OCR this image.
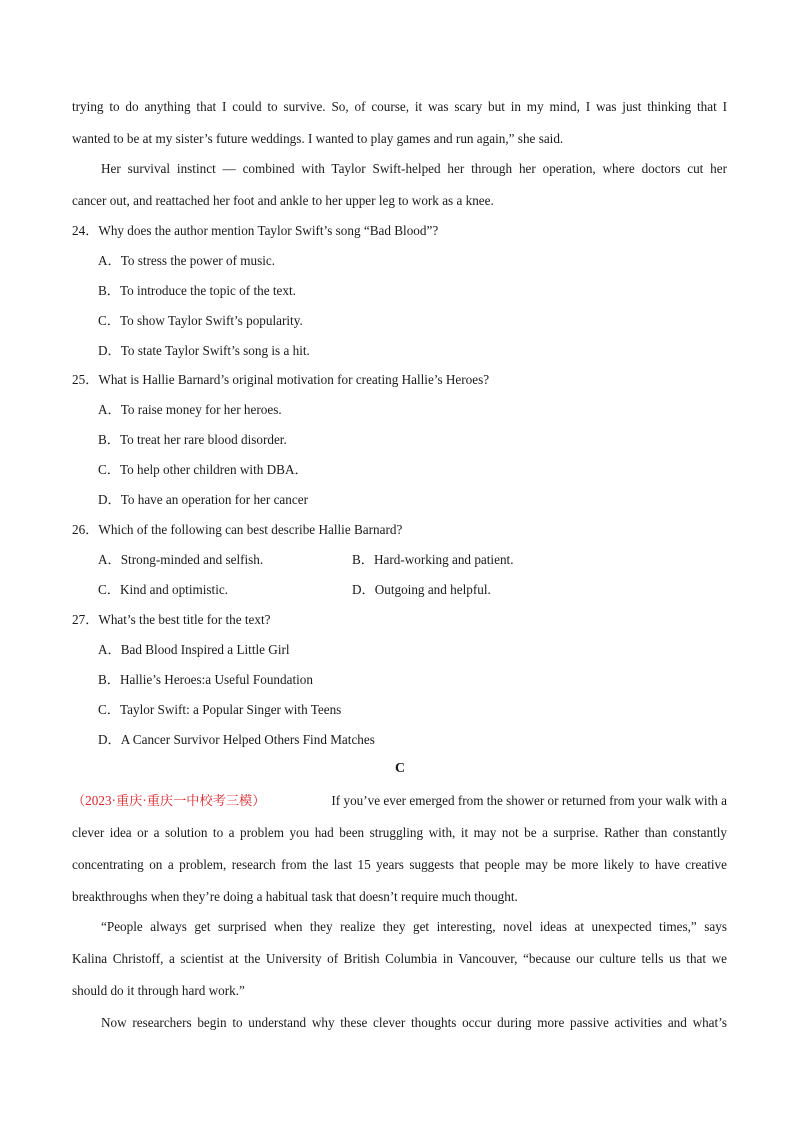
trying to do anything that I could to survive. So, of course, it was scary but in my mind, I was just thinking that I
wanted to be at my sister’s future weddings. I wanted to play games and run again,” she said.
Her survival instinct — combined with Taylor Swift-helped her through her operation, where doctors cut her
cancer out, and reattached her foot and ankle to her upper leg to work as a knee.
24．Why does the author mention Taylor Swift’s song “Bad Blood”?
A．To stress the power of music.
B．To introduce the topic of the text.
C．To show Taylor Swift’s popularity.
D．To state Taylor Swift’s song is a hit.
25．What is Hallie Barnard’s original motivation for creating Hallie’s Heroes?
A．To raise money for her heroes.
B．To treat her rare blood disorder.
C．To help other children with DBA．
D．To have an operation for her cancer
26．Which of the following can best describe Hallie Barnard?
A．Strong-minded and selfish.	B．Hard-working and patient.
C．Kind and optimistic.	D．Outgoing and helpful.
27．What’s the best title for the text?
A．Bad Blood Inspired a Little Girl
B．Hallie’s Heroes:a Useful Foundation
C．Taylor Swift: a Popular Singer with Teens
D．A Cancer Survivor Helped Others Find Matches
C
（2023·重庆·重庆一中校考三模）	If you’ve ever emerged from the shower or returned from your walk with a
clever idea or a solution to a problem you had been struggling with, it may not be a surprise. Rather than constantly
concentrating on a problem, research from the last 15 years suggests that people may be more likely to have creative
breakthroughs when they’re doing a habitual task that doesn’t require much thought.
“People always get surprised when they realize they get interesting, novel ideas at unexpected times,” says
Kalina Christoff, a scientist at the University of British Columbia in Vancouver, “because our culture tells us that we
should do it through hard work.”
Now researchers begin to understand why these clever thoughts occur during more passive activities and what’s
